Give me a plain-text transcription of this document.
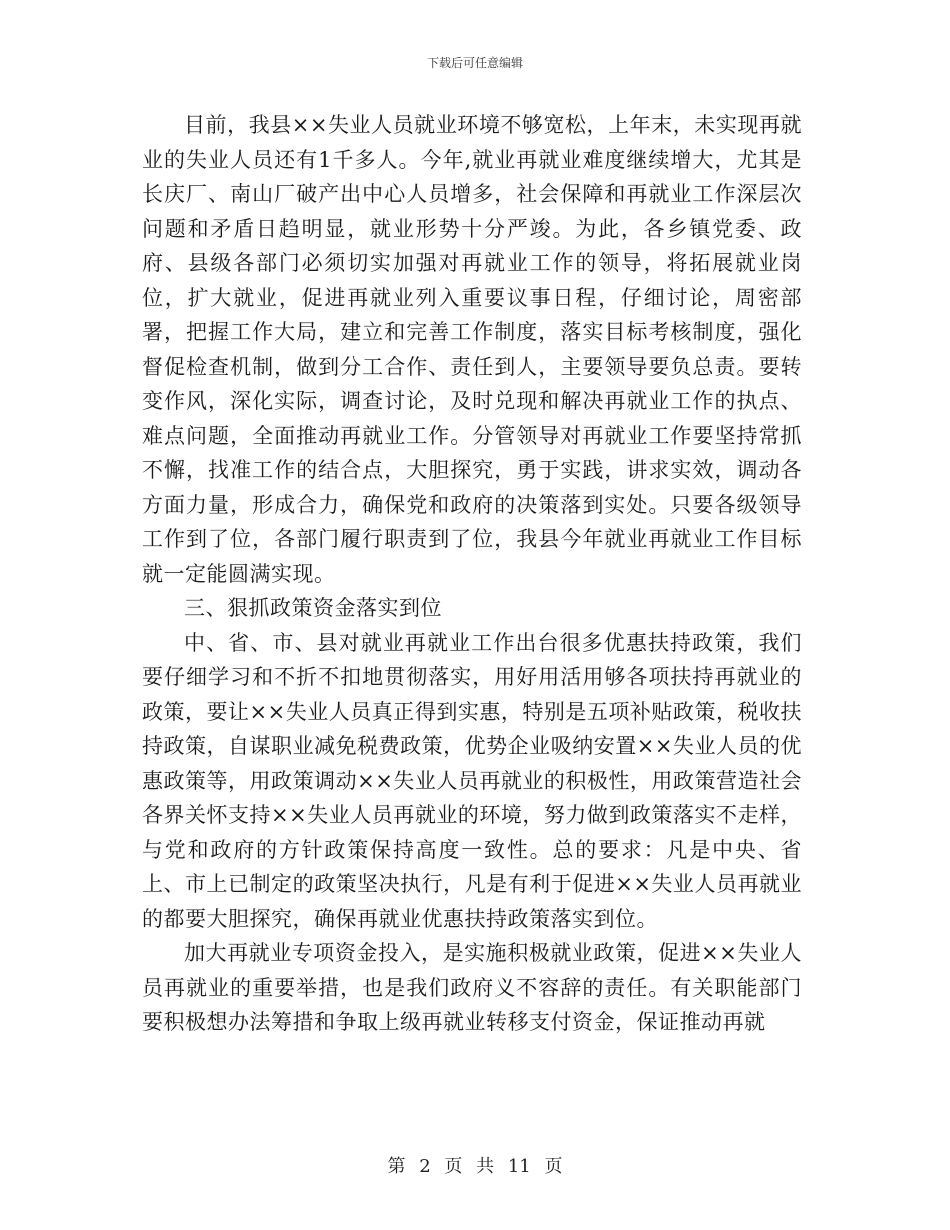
下载后可任意编辑

目前，我县××失业人员就业环境不够宽松，上年末，未实现再就业的失业人员还有1千多人。今年,就业再就业难度继续增大，尤其是长庆厂、南山厂破产出中心人员增多，社会保障和再就业工作深层次问题和矛盾日趋明显，就业形势十分严竣。为此，各乡镇党委、政府、县级各部门必须切实加强对再就业工作的领导，将拓展就业岗位，扩大就业，促进再就业列入重要议事日程，仔细讨论，周密部署，把握工作大局，建立和完善工作制度，落实目标考核制度，强化督促检查机制，做到分工合作、责任到人，主要领导要负总责。要转变作风，深化实际，调查讨论，及时兑现和解决再就业工作的执点、难点问题，全面推动再就业工作。分管领导对再就业工作要坚持常抓不懈，找准工作的结合点，大胆探究，勇于实践，讲求实效，调动各方面力量，形成合力，确保党和政府的决策落到实处。只要各级领导工作到了位，各部门履行职责到了位，我县今年就业再就业工作目标就一定能圆满实现。

三、狠抓政策资金落实到位

中、省、市、县对就业再就业工作出台很多优惠扶持政策，我们要仔细学习和不折不扣地贯彻落实，用好用活用够各项扶持再就业的政策，要让××失业人员真正得到实惠，特别是五项补贴政策，税收扶持政策，自谋职业减免税费政策，优势企业吸纳安置××失业人员的优惠政策等，用政策调动××失业人员再就业的积极性，用政策营造社会各界关怀支持××失业人员再就业的环境，努力做到政策落实不走样，与党和政府的方针政策保持高度一致性。总的要求：凡是中央、省上、市上已制定的政策坚决执行，凡是有利于促进××失业人员再就业的都要大胆探究，确保再就业优惠扶持政策落实到位。

加大再就业专项资金投入，是实施积极就业政策，促进××失业人员再就业的重要举措，也是我们政府义不容辞的责任。有关职能部门要积极想办法筹措和争取上级再就业转移支付资金，保证推动再就

第 2 页 共 11 页
